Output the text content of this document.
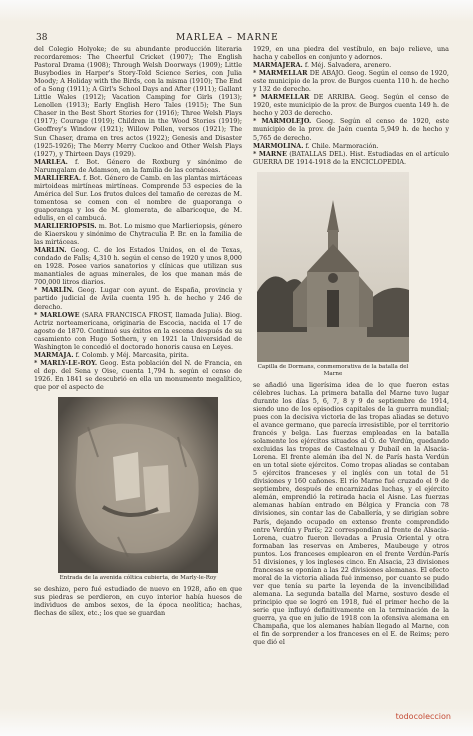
38	MARLEA – MARNE

del Colegio Holyoke; de su abundante producción literaria recordaremos: The Cheerful Cricket (1907); The English Pastoral Drama (1908); Through Welsh Doorways (1909); Little Busybodies in Harper's Story-Told Science Series, con Julia Moody; A Holiday with the Birds, con la misma (1910); The End of a Song (1911); A Girl's School Days and After (1911); Gallant Little Wales (1912); Vacation Camping for Girls (1913); Lenollen (1913); Early English Hero Tales (1915); The Sun Chaser in the Best Short Stories for (1916); Three Welsh Plays (1917); Courage (1919); Children in the Wood Stories (1919); Geoffrey's Window (1921); Willow Pollen, versos (1921); The Sun Chaser, drama en tres actos (1922); Genesis and Disaster (1925-1926); The Merry Merry Cuckoo and Other Welsh Plays (1927), y Thirteen Days (1929).

MARLEA. f. Bot. Género de Roxburg y sinónimo de Narumgalam de Adamson, en la familia de las cornáceas.

MARLIEREA. f. Bot. Género de Camb. en las plantas mirtáceas mirtoideas mirtíneas mirtíneas. Comprende 53 especies de la América del Sur. Los frutos dulces del tamaño de cerezas de M. tomentosa se comen con el nombre de guaporanga o guaporanga y los de M. glomerata, de albaricoque, de M. edulis, en el cambucá.

MARLIERIOPSIS. m. Bot. Lo mismo que Marlieriopsis, género de Kiaerskou y sinónimo de Chytraculia P. Br. en la familia de las mirtáceas.

MARLIN. Geog. C. de los Estados Unidos, en el de Texas, condado de Falls; 4,310 h. según el censo de 1920 y unos 8,000 en 1928. Posee varios sanatorios y clínicas que utilizan sus manantiales de aguas minerales, de los que manan más de 700,000 litros diarios.

* MARLÍN. Geog. Lugar con ayunt. de España, provincia y partido judicial de Ávila cuenta 195 h. de hecho y 246 de derecho.

* MARLOWE (SARA FRANCISCA FROST, llamada Julia). Biog. Actriz norteamericana, originaria de Escocia, nacida el 17 de agosto de 1870. Continuó sus éxitos en la escena después de su casamiento con Hugo Sothern, y en 1921 la Universidad de Washington le concedió el doctorado honoris causa en Leyes.

MARMAJA. f. Colomb. y Méj. Marcasita, pirita.

* MARLY-LE-ROY. Geog. Esta población del N. de Francia, en el dep. del Sena y Oise, cuenta 1,794 h. según el censo de 1926. En 1841 se descubrió en ella un monumento megalítico, que por el aspecto de

Entrada de la avenida cóltica cubierta, de Marly-le-Roy

se deshizo, pero fué estudiado de nuevo en 1928, año en que sus piedras se perdieron, en cuyo interior había huesos de individuos de ambos sexos, de la época neolítica; hachas, flechas de sílex, etc.; los que se guardan

1929, en una piedra del vestíbulo, en bajo relieve, una hacha y cabellos en conjunto y adornos.

MARMAJERA. f. Méj. Salvadera, arenero.

* MARMELLAR DE ABAJO. Geog. Según el censo de 1920, este municipio de la prov. de Burgos cuenta 110 h. de hecho y 132 de derecho.

* MARMELLAR DE ARRIBA. Geog. Según el censo de 1920, este municipio de la prov. de Burgos cuenta 149 h. de hecho y 203 de derecho.

* MARMOLEJO. Geog. Según el censo de 1920, este municipio de la prov. de Jaén cuenta 5,949 h. de hecho y 5,765 de derecho.

MARMOLINA. f. Chile. Marmoración.

* MARNE (BATALLAS DEL). Hist. Estudiadas en el artículo GUERRA DE 1914-1918 de la ENCICLOPEDIA.

Capilla de Dormans, conmemorativa de la batalla del Marne

se añadió una ligerísima idea de lo que fueron estas célebres luchas. La primera batalla del Marne tuvo lugar durante los días 5, 6, 7, 8 y 9 de septiembre de 1914, siendo uno de los episodios capitales de la guerra mundial; pues con la decisiva victoria de las tropas aliadas se detuvo el avance germano, que parecía irresistible, por el territorio francés y belga. Las fuerzas empleadas en la batalla solamente los ejércitos situados al O. de Verdún, quedando excluidas las tropas de Castelnau y Dubail en la Alsacia-Lorena. El frente alemán iba del N. de París hasta Verdún en un total siete ejércitos. Como tropas aliadas se contaban 5 ejércitos franceses y el inglés con un total de 51 divisiones y 160 cañones. El río Marne fué cruzado el 9 de septiembre, después de encarnizadas luchas, y el ejército alemán, emprendió la retirada hacia el Aisne. Las fuerzas alemanas habían entrado en Bélgica y Francia con 78 divisiones, sin contar las de Caballería, y se dirigían sobre París, dejando ocupado en extenso frente comprendido entre Verdún y París; 22 correspondían al frente de Alsacia-Lorena, cuatro fueron llevadas a Prusia Oriental y otra formaban las reservas en Amberes, Maubeuge y otros puntos. Los franceses emplearon en el frente Verdún-París 51 divisiones, y los ingleses cinco. En Alsacia, 23 divisiones francesas se oponían a las 22 divisiones alemanas. El efecto moral de la victoria aliada fué inmenso, por cuanto se pudo ver que tenía su parte la leyenda de la invencibilidad alemana. La segunda batalla del Marne, sostuvo desde el principio que se logró en 1918, fué el primer hecho de la serie que influyó definitivamente en la terminación de la guerra, ya que en julio de 1918 con la ofensiva alemana en Champaña, que los alemanes habían llegado al Marne, con el fin de sorprender a los franceses en el E. de Reims; pero que dió el

todocoleccion
